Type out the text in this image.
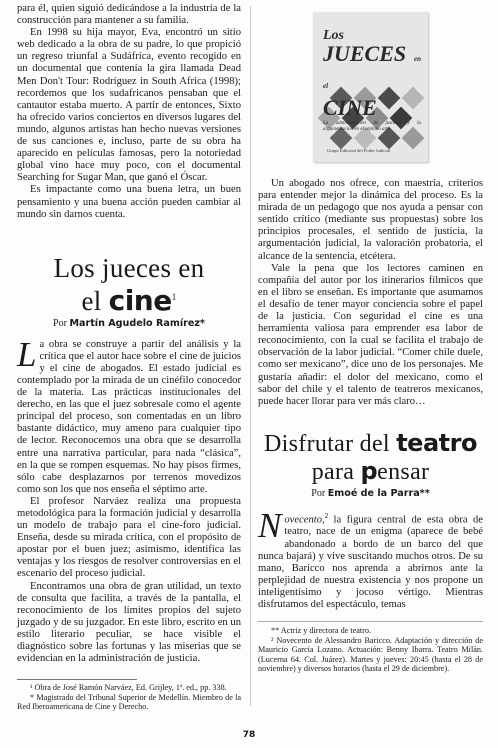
para él, quien siguió dedicándose a la industria de la construcción para mantener a su familia.

En 1998 su hija mayor, Eva, encontró un sitio web dedicado a la obra de su padre, lo que propició un regreso triunfal a Sudáfrica, evento recogido en un documental que contenía la gira llamada Dead Men Don't Tour: Rodríguez in South Africa (1998); recordemos que los sudafricanos pensaban que el cantautor estaba muerto. A partir de entonces, Sixto ha ofrecido varios conciertos en diversos lugares del mundo, algunos artistas han hecho nuevas versiones de sus canciones e, incluso, parte de su obra ha aparecido en películas famosas, pero la notoriedad global vino hace muy poco, con el documental Searching for Sugar Man, que ganó el Óscar.

Es impactante como una buena letra, un buen pensamiento y una buena acción pueden cambiar al mundo sin darnos cuenta.

Los jueces en
el cine$^1$
Por Martín Agudelo Ramírez*

La obra se construye a partir del análisis y la crítica que el autor hace sobre el cine de juicios y el cine de abogados. El estado judicial es contemplado por la mirada de un cinéfilo conocedor de la materia. Las prácticas institucionales del derecho, en las que el juez sobresale como el agente principal del proceso, son comentadas en un libro bastante didáctico, muy ameno para cualquier tipo de lector. Reconocemos una obra que se desarrolla entre una narrativa particular, para nada “clásica”, en la que se rompen esquemas. No hay pisos firmes, sólo cabe desplazarnos por terrenos movedizos como son los que nos enseña el séptimo arte.

El profesor Narváez realiza una propuesta metodológica para la formación judicial y desarrolla un modelo de trabajo para el cine-foro judicial. Enseña, desde su mirada crítica, con el propósito de apostar por el buen juez; asimismo, identifica las ventajas y los riesgos de resolver controversias en el escenario del proceso judicial.

Encontramos una obra de gran utilidad, un texto de consulta que facilita, a través de la pantalla, el reconocimiento de los límites propios del sujeto juzgado y de su juzgador. En este libro, escrito en un estilo literario peculiar, se hace visible el diagnóstico sobre las fortunas y las miserias que se evidencian en la administración de justicia.

¹ Obra de José Ramón Narváez, Ed. Grijley, 1ª. ed., pp. 338.

* Magistrado del Tribunal Superior de Medellín. Miembro de la Red Iberoamericana de Cine y Derecho.

Los
JUECES en el
CINE
La administración de justicia y la argumentación en el séptimo arte
Grupo Editorial del Poder Judicial

Un abogado nos ofrece, con maestría, criterios para entender mejor la dinámica del proceso. Es la mirada de un pedagogo que nos ayuda a pensar con sentido crítico (mediante sus propuestas) sobre los principios procesales, el sentido de justicia, la argumentación judicial, la valoración probatoria, el alcance de la sentencia, etcétera.

Vale la pena que los lectores caminen en compañía del autor por los itinerarios fílmicos que en el libro se enseñan. Es importante que asumamos el desafío de tener mayor conciencia sobre el papel de la justicia. Con seguridad el cine es una herramienta valiosa para emprender esa labor de reconocimiento, con la cual se facilita el trabajo de observación de la labor judicial. “Comer chile duele, como ser mexicano”, dice uno de los personajes. Me gustaría añadir: el dolor del mexicano, como el sabor del chile y el talento de teatreros mexicanos, puede hacer llorar para ver más claro…

Disfrutar del teatro
para pensar
Por Emoé de la Parra**

Novecento,$^2$ la figura central de esta obra de teatro, nace de un enigma (aparece de bebé abandonado a bordo de un barco del que nunca bajará) y vive suscitando muchos otros. De su mano, Baricco nos aprenda a abrirnos ante la perplejidad de nuestra existencia y nos propone un inteligentísimo y jocoso vértigo. Mientras disfrutamos del espectáculo, temas

** Actriz y directora de teatro.

² Novecento de Alessandro Baricco. Adaptación y dirección de Mauricio García Lozano. Actuación: Benny Ibarra. Teatro Milán. (Lucerna 64. Col. Juárez). Martes y jueves: 20:45 (hasta el 28 de noviembre) y diversos horarios (hasta el 29 de diciembre).

78
